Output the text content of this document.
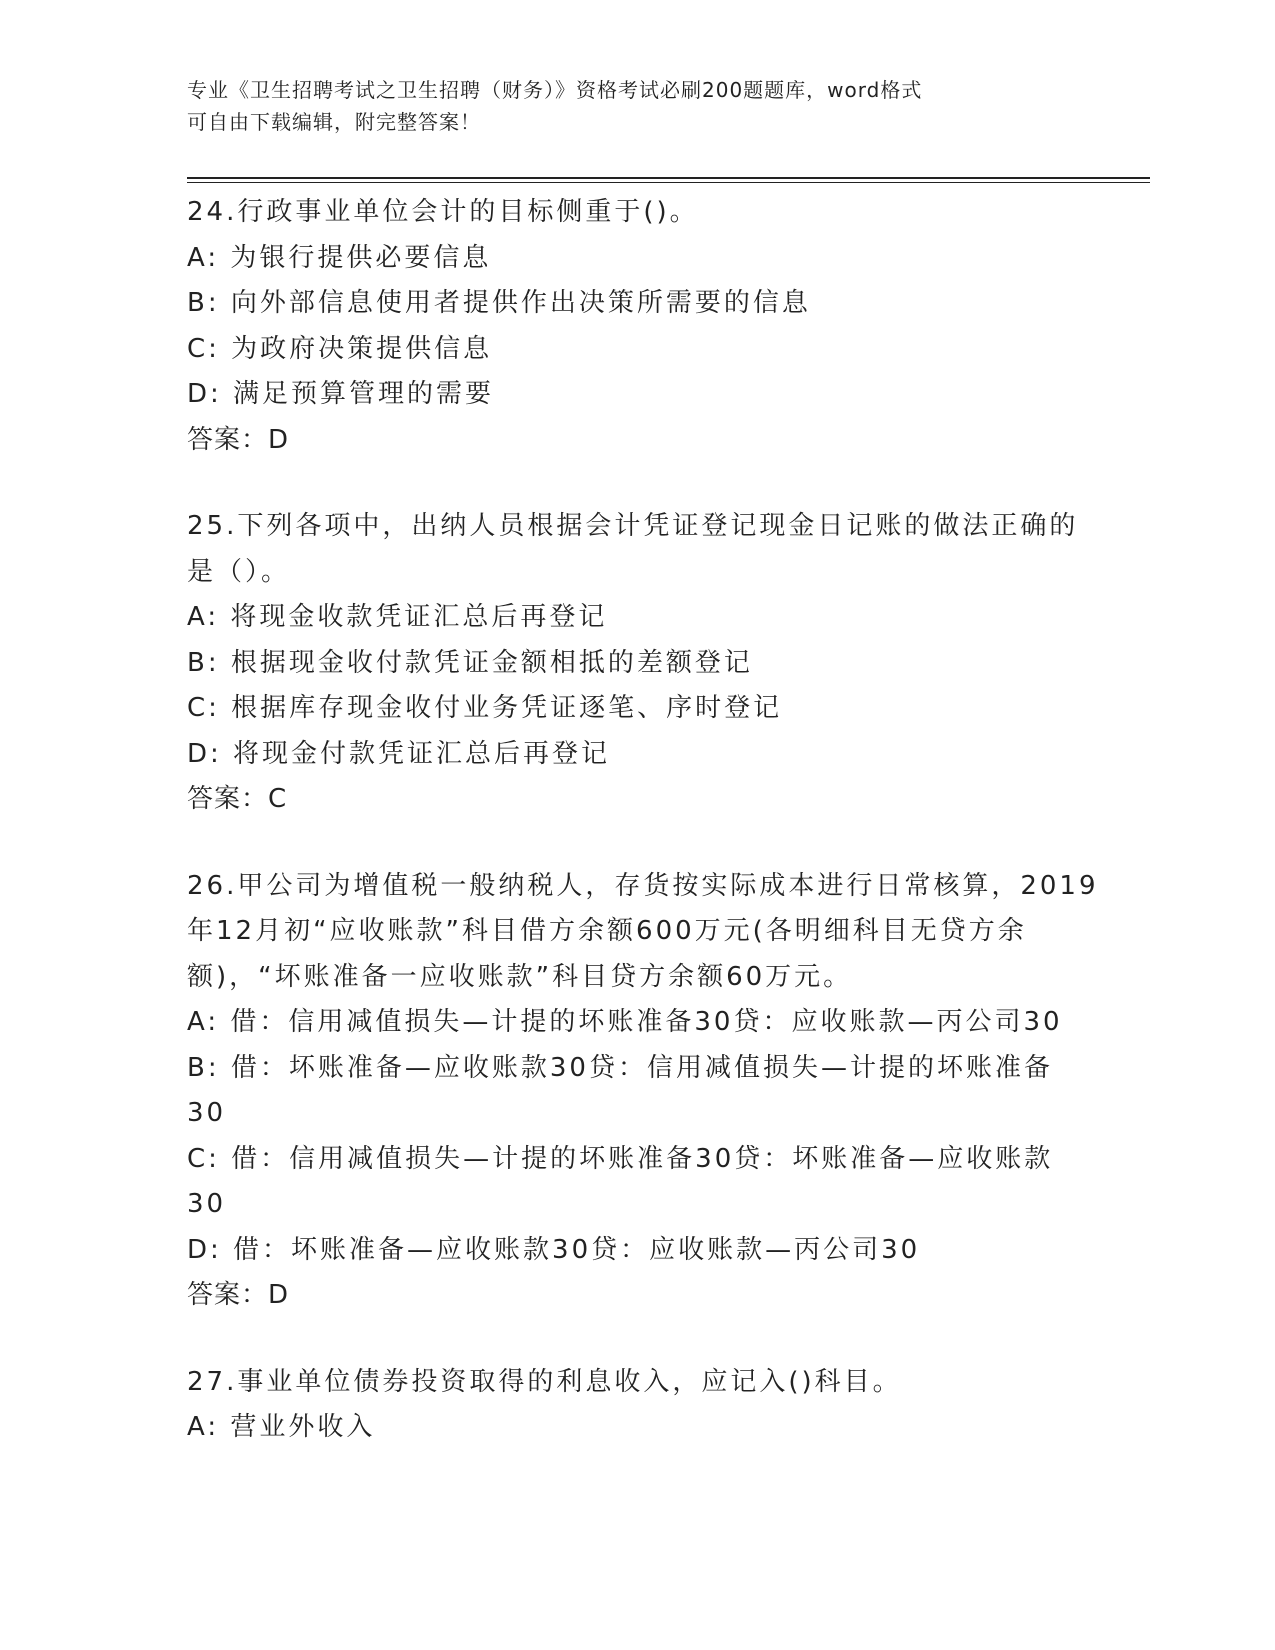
专业《卫生招聘考试之卫生招聘（财务）》资格考试必刷200题题库，word格式
可自由下载编辑，附完整答案！
24.行政事业单位会计的目标侧重于()。
A: 为银行提供必要信息
B: 向外部信息使用者提供作出决策所需要的信息
C: 为政府决策提供信息
D: 满足预算管理的需要
答案：D
25.下列各项中，出纳人员根据会计凭证登记现金日记账的做法正确的
是（）。
A: 将现金收款凭证汇总后再登记
B: 根据现金收付款凭证金额相抵的差额登记
C: 根据库存现金收付业务凭证逐笔、序时登记
D: 将现金付款凭证汇总后再登记
答案：C
26.甲公司为增值税一般纳税人，存货按实际成本进行日常核算，2019
年12月初“应收账款”科目借方余额600万元(各明细科目无贷方余
额)，“坏账准备一应收账款”科目贷方余额60万元。
A: 借：信用减值损失—计提的坏账准备30贷：应收账款—丙公司30
B: 借：坏账准备—应收账款30贷：信用减值损失—计提的坏账准备
30
C: 借：信用减值损失—计提的坏账准备30贷：坏账准备—应收账款
30
D: 借：坏账准备—应收账款30贷：应收账款—丙公司30
答案：D
27.事业单位债券投资取得的利息收入，应记入()科目。
A: 营业外收入
